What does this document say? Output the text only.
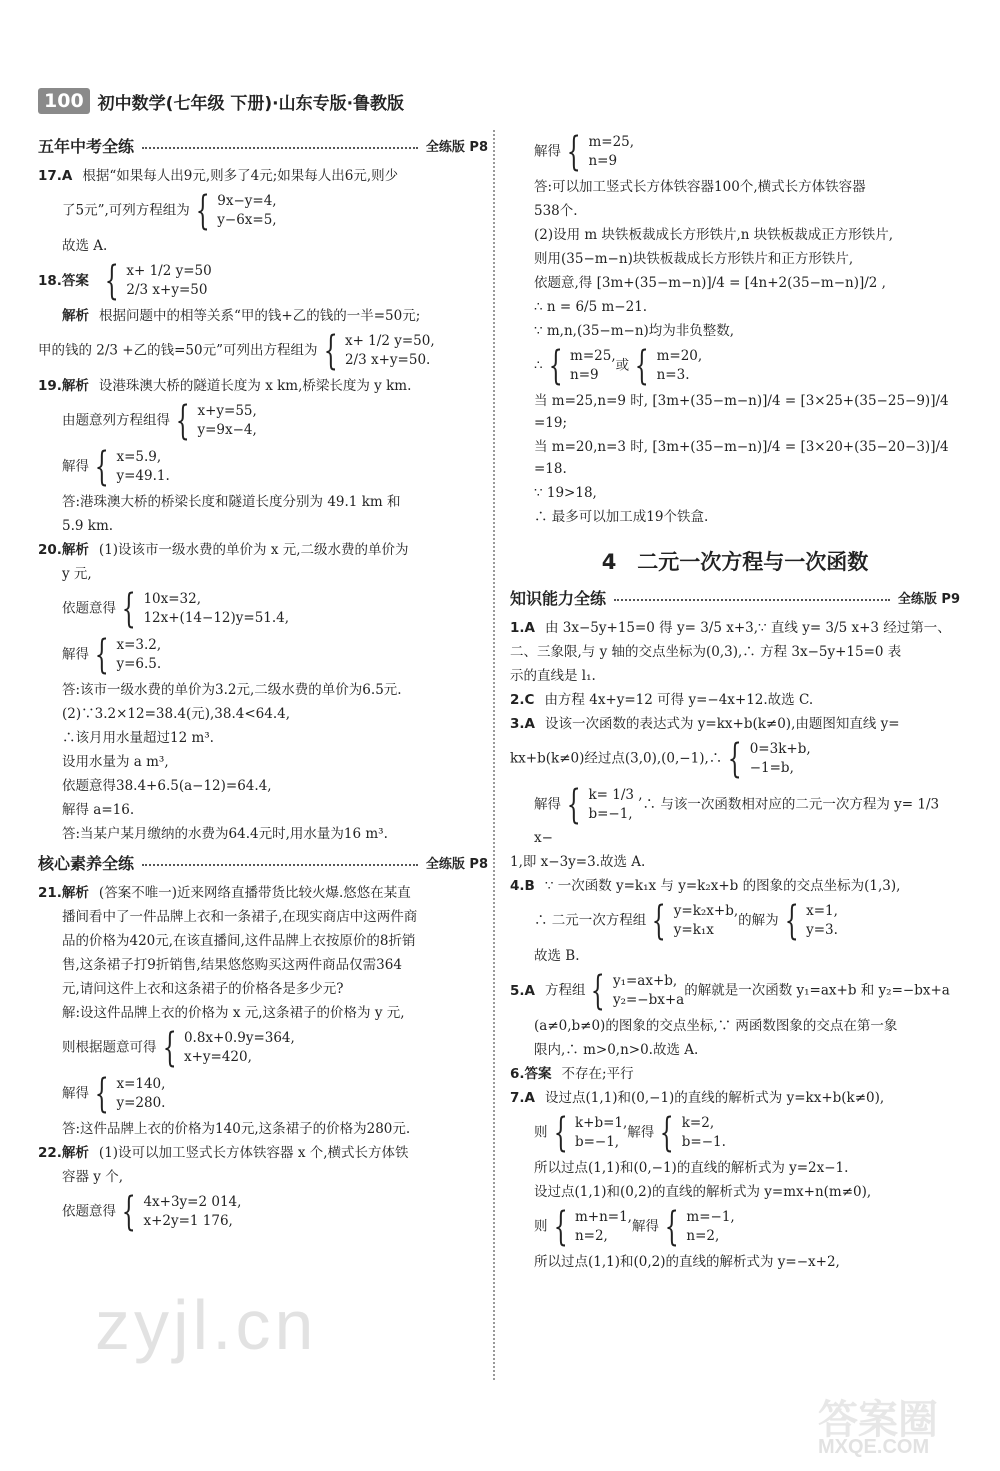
100 初中数学(七年级 下册)·山东专版·鲁教版
五年中考全练	全练版 P8
17.A 根据“如果每人出9元,则多了4元;如果每人出6元,则少
了5元”,可列方程组为 { 9x−y=4,
y−6x=5,
故选 A.
18.答案 { x+ 1/2 y=50
2/3 x+y=50
解析 根据问题中的相等关系“甲的钱+乙的钱的一半=50元;
甲的钱的 2/3 +乙的钱=50元”可列出方程组为 { x+ 1/2 y=50,
2/3 x+y=50.
19.解析 设港珠澳大桥的隧道长度为 x km,桥梁长度为 y km.
由题意列方程组得 { x+y=55,
y=9x−4,
解得 { x=5.9,
y=49.1.
答:港珠澳大桥的桥梁长度和隧道长度分别为 49.1 km 和
5.9 km.
20.解析 (1)设该市一级水费的单价为 x 元,二级水费的单价为
y 元,
依题意得 { 10x=32,
12x+(14−12)y=51.4,
解得 { x=3.2,
y=6.5.
答:该市一级水费的单价为3.2元,二级水费的单价为6.5元.
(2)∵3.2×12=38.4(元),38.4<64.4,
∴该月用水量超过12 m³.
设用水量为 a m³,
依题意得38.4+6.5(a−12)=64.4,
解得 a=16.
答:当某户某月缴纳的水费为64.4元时,用水量为16 m³.
核心素养全练	全练版 P8
21.解析 (答案不唯一)近来网络直播带货比较火爆.悠悠在某直
播间看中了一件品牌上衣和一条裙子,在现实商店中这两件商
品的价格为420元,在该直播间,这件品牌上衣按原价的8折销
售,这条裙子打9折销售,结果悠悠购买这两件商品仅需364
元,请问这件上衣和这条裙子的价格各是多少元?
解:设这件品牌上衣的价格为 x 元,这条裙子的价格为 y 元,
则根据题意可得 { 0.8x+0.9y=364,
x+y=420,
解得 { x=140,
y=280.
答:这件品牌上衣的价格为140元,这条裙子的价格为280元.
22.解析 (1)设可以加工竖式长方体铁容器 x 个,横式长方体铁
容器 y 个,
依题意得 { 4x+3y=2 014,
x+2y=1 176,
解得 { m=25,
n=9
答:可以加工竖式长方体铁容器100个,横式长方体铁容器
538个.
(2)设用 m 块铁板裁成长方形铁片,n 块铁板裁成正方形铁片,
则用(35−m−n)块铁板裁成长方形铁片和正方形铁片,
依题意,得 [3m+(35−m−n)]/4 = [4n+2(35−m−n)]/2 ,
∴ n = 6/5 m−21.
∵ m,n,(35−m−n)均为非负整数,
∴ { m=25,
n=9
或 { m=20,
n=3.
当 m=25,n=9 时, [3m+(35−m−n)]/4 = [3×25+(35−25−9)]/4 =19;
当 m=20,n=3 时, [3m+(35−m−n)]/4 = [3×20+(35−20−3)]/4 =18.
∵ 19>18,
∴ 最多可以加工成19个铁盒.
4　二元一次方程与一次函数
知识能力全练	全练版 P9
1.A 由 3x−5y+15=0 得 y= 3/5 x+3,∵ 直线 y= 3/5 x+3 经过第一、
二、三象限,与 y 轴的交点坐标为(0,3),∴ 方程 3x−5y+15=0 表
示的直线是 l₁.
2.C 由方程 4x+y=12 可得 y=−4x+12.故选 C.
3.A 设该一次函数的表达式为 y=kx+b(k≠0),由题图知直线 y=
kx+b(k≠0)经过点(3,0),(0,−1),∴ { 0=3k+b,
−1=b,
解得 { k= 1/3 ,
b=−1,
∴ 与该一次函数相对应的二元一次方程为 y= 1/3 x−
1,即 x−3y=3.故选 A.
4.B ∵ 一次函数 y=k₁x 与 y=k₂x+b 的图象的交点坐标为(1,3),
∴ 二元一次方程组 { y=k₂x+b,
y=k₁x
的解为 { x=1,
y=3.
故选 B.
5.A 方程组 { y₁=ax+b,
y₂=−bx+a
的解就是一次函数 y₁=ax+b 和 y₂=−bx+a
(a≠0,b≠0)的图象的交点坐标,∵ 两函数图象的交点在第一象
限内,∴ m>0,n>0.故选 A.
6.答案 不存在;平行
7.A 设过点(1,1)和(0,−1)的直线的解析式为 y=kx+b(k≠0),
则 { k+b=1,
b=−1,
解得 { k=2,
b=−1.
所以过点(1,1)和(0,−1)的直线的解析式为 y=2x−1.
设过点(1,1)和(0,2)的直线的解析式为 y=mx+n(m≠0),
则 { m+n=1,
n=2,
解得 { m=−1,
n=2,
所以过点(1,1)和(0,2)的直线的解析式为 y=−x+2,
zyjl.cn
答案圈
MXQE.COM
